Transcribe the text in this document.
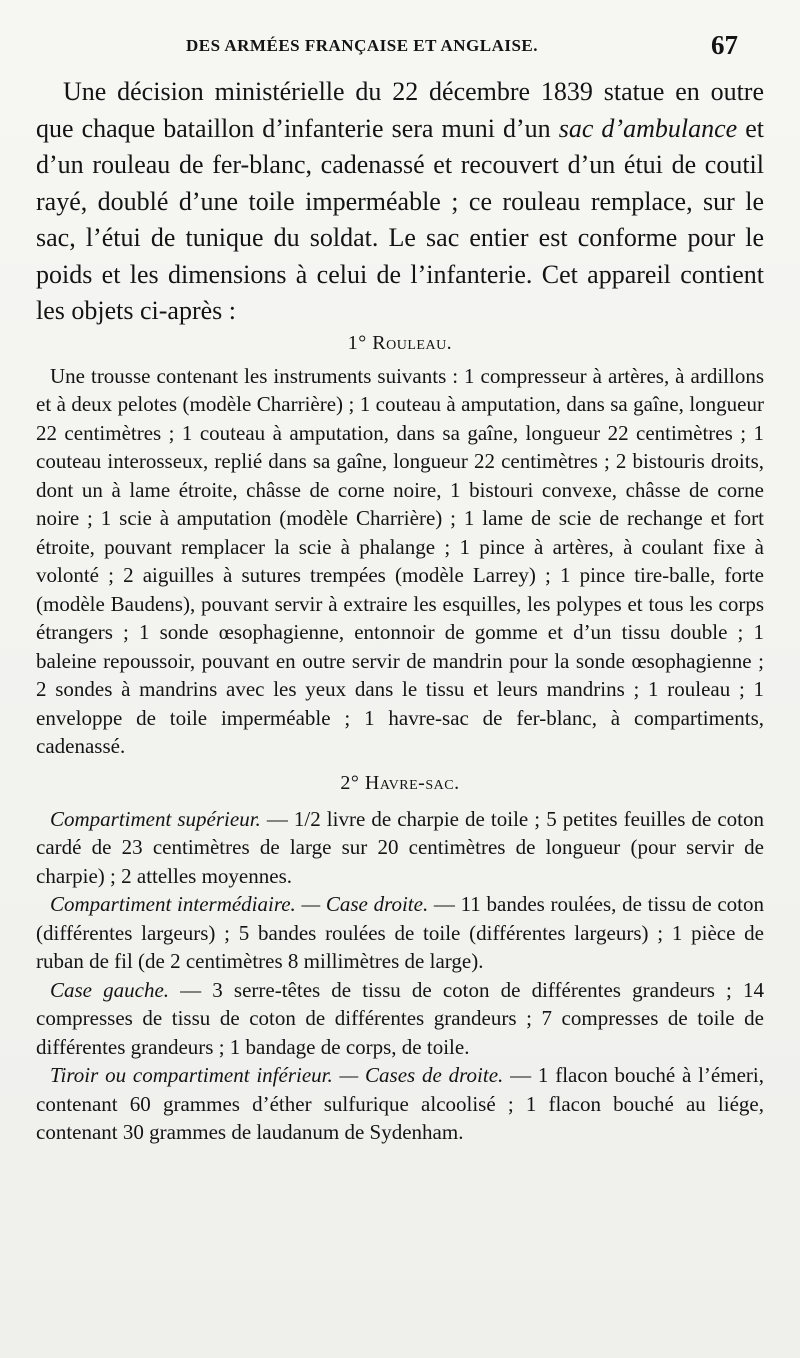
DES ARMÉES FRANÇAISE ET ANGLAISE.	67

Une décision ministérielle du 22 décembre 1839 statue en outre que chaque bataillon d’infanterie sera muni d’un sac d’ambulance et d’un rouleau de fer-blanc, cadenassé et recouvert d’un étui de coutil rayé, doublé d’une toile imperméable ; ce rouleau remplace, sur le sac, l’étui de tunique du soldat. Le sac entier est conforme pour le poids et les dimensions à celui de l’infanterie. Cet appareil contient les objets ci-après :

1° Rouleau.

Une trousse contenant les instruments suivants : 1 compresseur à artères, à ardillons et à deux pelotes (modèle Charrière) ; 1 couteau à amputation, dans sa gaîne, longueur 22 centimètres ; 1 couteau à amputation, dans sa gaîne, longueur 22 centimètres ; 1 couteau interosseux, replié dans sa gaîne, longueur 22 centimètres ; 2 bistouris droits, dont un à lame étroite, châsse de corne noire, 1 bistouri convexe, châsse de corne noire ; 1 scie à amputation (modèle Charrière) ; 1 lame de scie de rechange et fort étroite, pouvant remplacer la scie à phalange ; 1 pince à artères, à coulant fixe à volonté ; 2 aiguilles à sutures trempées (modèle Larrey) ; 1 pince tire-balle, forte (modèle Baudens), pouvant servir à extraire les esquilles, les polypes et tous les corps étrangers ; 1 sonde œsophagienne, entonnoir de gomme et d’un tissu double ; 1 baleine repoussoir, pouvant en outre servir de mandrin pour la sonde œsophagienne ; 2 sondes à mandrins avec les yeux dans le tissu et leurs mandrins ; 1 rouleau ; 1 enveloppe de toile imperméable ; 1 havre-sac de fer-blanc, à compartiments, cadenassé.

2° Havre-sac.

Compartiment supérieur. — 1/2 livre de charpie de toile ; 5 petites feuilles de coton cardé de 23 centimètres de large sur 20 centimètres de longueur (pour servir de charpie) ; 2 attelles moyennes.

Compartiment intermédiaire. — Case droite. — 11 bandes roulées, de tissu de coton (différentes largeurs) ; 5 bandes roulées de toile (différentes largeurs) ; 1 pièce de ruban de fil (de 2 centimètres 8 millimètres de large).

Case gauche. — 3 serre-têtes de tissu de coton de différentes grandeurs ; 14 compresses de tissu de coton de différentes grandeurs ; 7 compresses de toile de différentes grandeurs ; 1 bandage de corps, de toile.

Tiroir ou compartiment inférieur. — Cases de droite. — 1 flacon bouché à l’émeri, contenant 60 grammes d’éther sulfurique alcoolisé ; 1 flacon bouché au liége, contenant 30 grammes de laudanum de Sydenham.
